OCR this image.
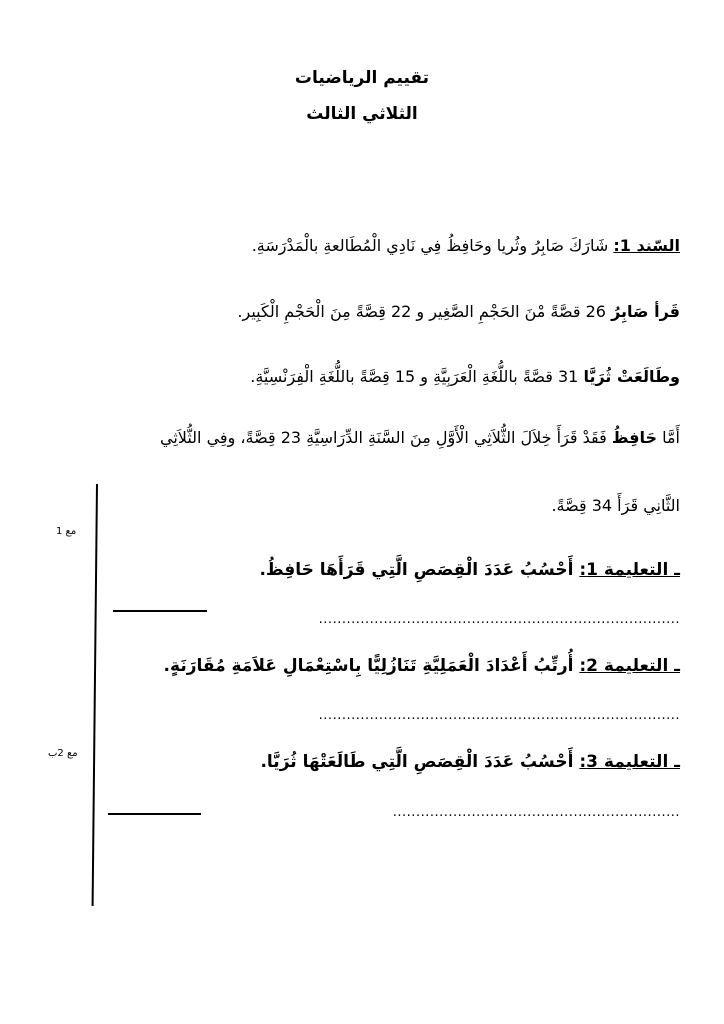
تقييم الرياضيات
الثلاثي الثالث
السّند 1: شَارَكَ صَابِرُ وثُريا وحَافِظُ فِي نَادِي الْمُطَالعةِ بالْمَدْرَسَةِ.
قَرأ صَابِرُ 26 قصَّةً مْنَ الحَجْمِ الصَّغِير و 22 قِصَّةً مِنَ الْحَجْمِ الْكَبِير.
وطَالَعَتْ ثُرَيَّا 31 قصَّةً باللُّغَةِ الْعَرَبِيَّةِ و 15 قِصَّةً باللُّغَةِ الْفِرَنْسِيَّةِ.
أَمَّا حَافِظُ فَقَدْ قَرَأَ خِلاَلَ الثُّلاَثِي الْأَوَّلِ مِنَ السَّنَةِ الدِّرَاسِيَّةِ 23 قِصَّةً، وفِي الثُّلاَثِي
الثَّانِي قَرَأَ 34 قِصَّةً.
مع 1
مع 2ب
ـ التعليمة 1: أَحْسُبُ عَدَدَ الْقِصَصِ الَّتِي قَرَأَهَا حَافِظُ.
..............................................................................
ـ التعليمة 2: أُرتِّبُ أَعْدَادَ الْعَمَلِيَّةِ تَنَازُلِيًّا بِاسْتِعْمَالِ عَلاَمَةِ مُقَارَنَةٍ.
..............................................................................
ـ التعليمة 3: أَحْسُبُ عَدَدَ الْقِصَصِ الَّتِي طَالَعَتْهَا ثُرَيَّا.
..............................................................
